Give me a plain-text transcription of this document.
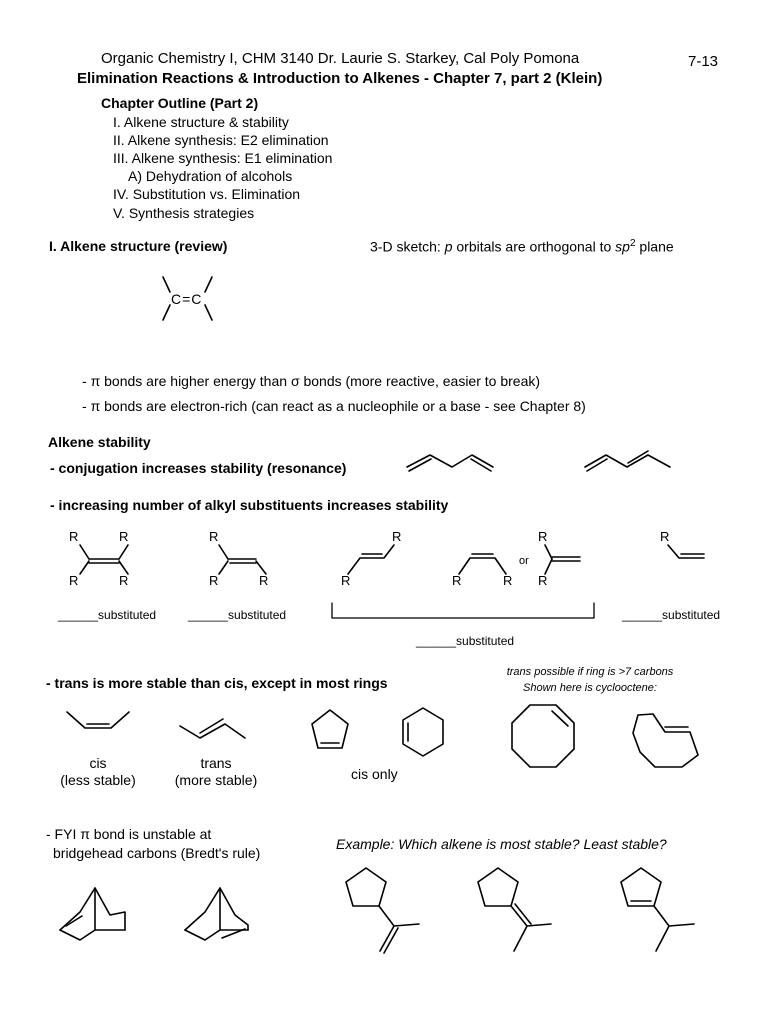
Organic Chemistry I, CHM 3140 Dr. Laurie S. Starkey, Cal Poly Pomona	7-13
Elimination Reactions & Introduction to Alkenes - Chapter 7, part 2 (Klein)
Chapter Outline (Part 2)
I. Alkene structure & stability
II. Alkene synthesis: E2 elimination
III. Alkene synthesis: E1 elimination
A) Dehydration of alcohols
IV. Substitution vs. Elimination
V. Synthesis strategies
I. Alkene structure (review)	3-D sketch: p orbitals are orthogonal to $sp^2$ plane
C=C
- π bonds are higher energy than σ bonds (more reactive, easier to break)
- π bonds are electron-rich (can react as a nucleophile or a base - see Chapter 8)
Alkene stability
- conjugation increases stability (resonance)
- increasing number of alkyl substituents increases stability
R	R
R	R
R
R	R
R
R	R	R
or
R
R
R
______substituted	______substituted	______substituted
______substituted
- trans is more stable than cis, except in most rings
trans possible if ring is >7 carbons
Shown here is cyclooctene:
cis
(less stable)
trans
(more stable)	cis only
- FYI π bond is unstable at
bridgehead carbons (Bredt's rule)
Example: Which alkene is most stable? Least stable?
